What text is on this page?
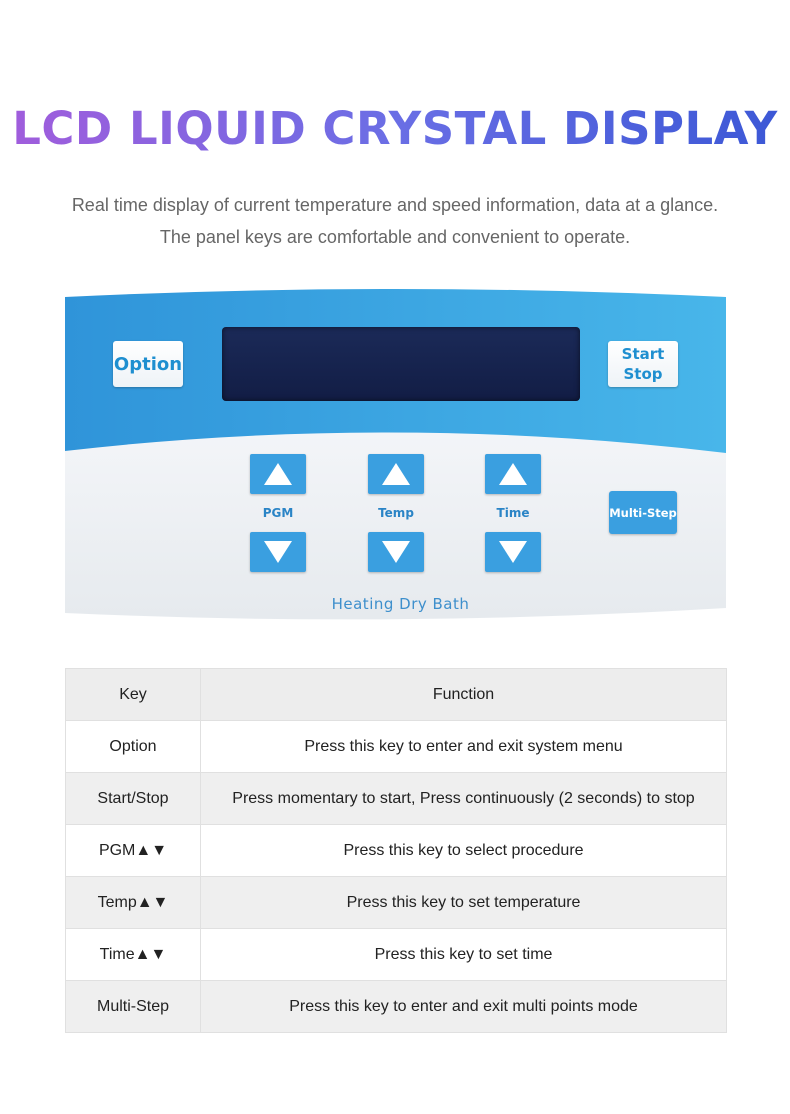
LCD LIQUID CRYSTAL DISPLAY
Real time display of current temperature and speed information, data at a glance.
The panel keys are comfortable and convenient to operate.
Option	Start
Stop
PGM	Temp	Time	Multi-Step
Heating Dry Bath
Key	Function
Option	Press this key to enter and exit system menu
Start/Stop	Press momentary to start, Press continuously (2 seconds) to stop
PGM▲▼	Press this key to select procedure
Temp▲▼	Press this key to set temperature
Time▲▼	Press this key to set time
Multi-Step	Press this key to enter and exit multi points mode
